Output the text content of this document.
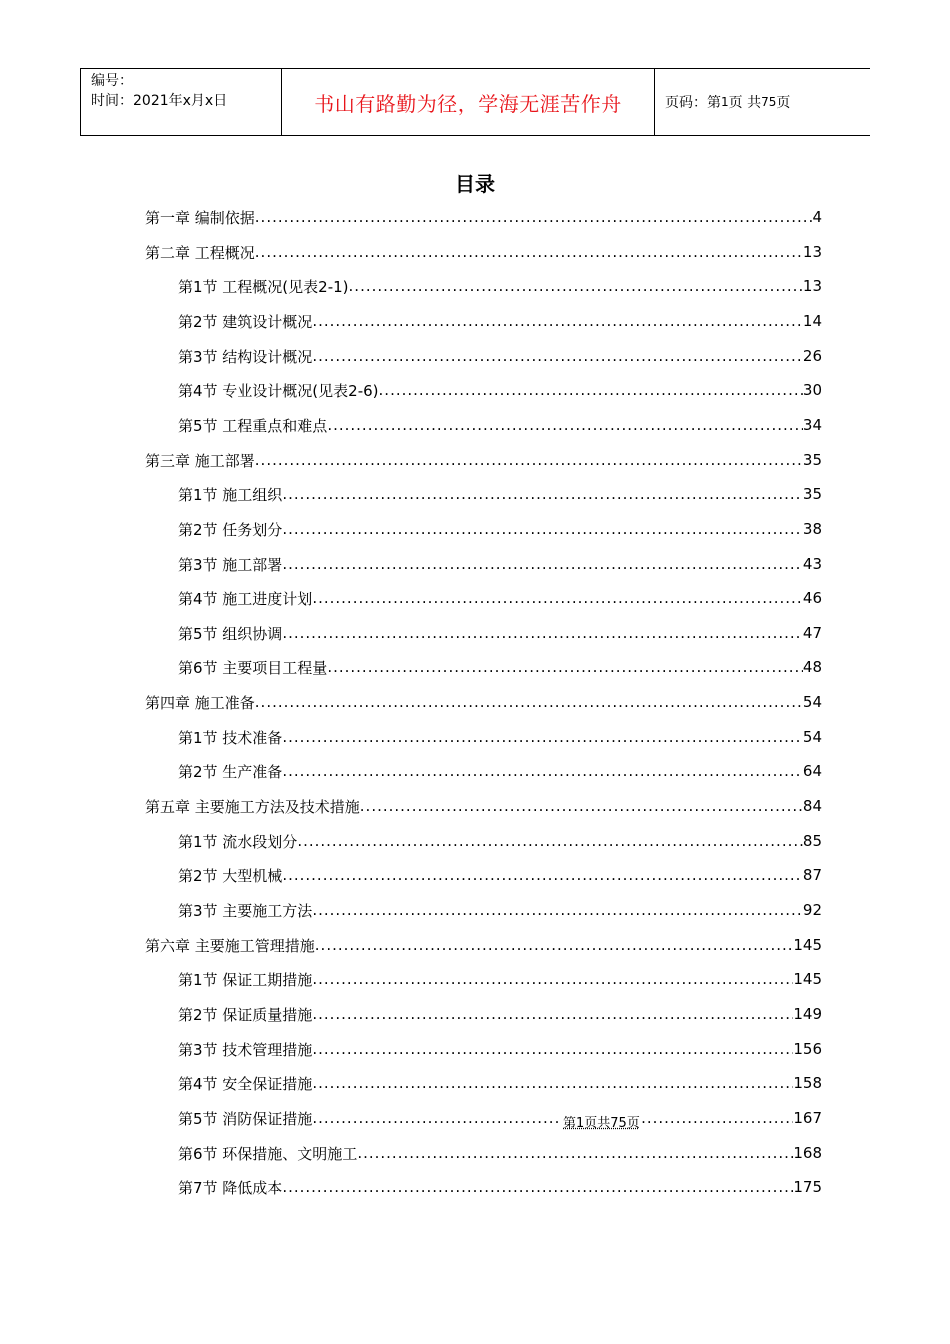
编号：
时间：2021年x月x日	书山有路勤为径，学海无涯苦作舟	页码：第 1 页 共 75 页
目录
第一章 编制依据 .....	4
第二章 工程概况 .....	13
第1节 工程概况(见表2-1) .....	13
第2节 建筑设计概况 .....	14
第3节 结构设计概况 .....	26
第4节 专业设计概况(见表2-6) .....	30
第5节 工程重点和难点 .....	34
第三章 施工部署 .....	35
第1节 施工组织 .....	35
第2节 任务划分 .....	38
第3节 施工部署 .....	43
第4节 施工进度计划 .....	46
第5节 组织协调 .....	47
第6节 主要项目工程量 .....	48
第四章 施工准备 .....	54
第1节 技术准备 .....	54
第2节 生产准备 .....	64
第五章 主要施工方法及技术措施 .....	84
第1节 流水段划分 .....	85
第2节 大型机械 .....	87
第3节 主要施工方法 .....	92
第六章 主要施工管理措施 .....	145
第1节 保证工期措施 .....	145
第2节 保证质量措施 .....	149
第3节 技术管理措施 .....	156
第4节 安全保证措施 .....	158
第5节 消防保证措施 .....	167
第6节 环保措施、文明施工 .....	168
第7节 降低成本 .....	175
第1页共75页
